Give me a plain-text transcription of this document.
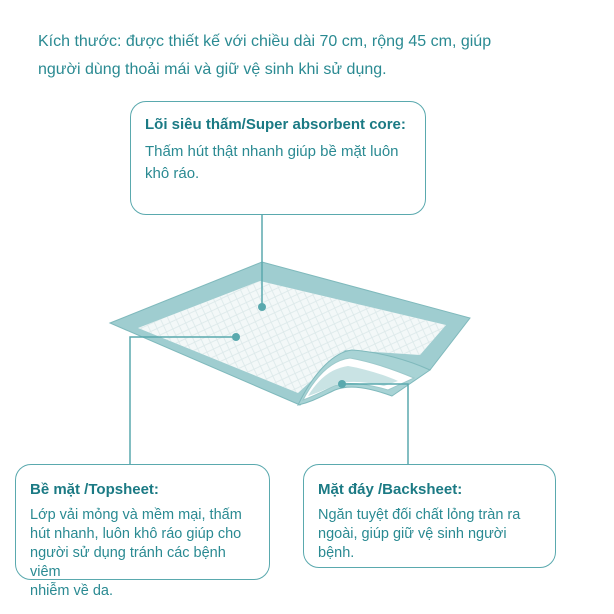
Kích thước: được thiết kế với chiều dài 70 cm, rộng 45 cm, giúp
người dùng thoải mái và giữ vệ sinh khi sử dụng.
Lõi siêu thấm/Super absorbent core:
Thấm hút thật nhanh giúp bề mặt luôn
khô ráo.
Bề mặt /Topsheet:
Lớp vải mỏng và mềm mại, thấm
hút nhanh, luôn khô ráo giúp cho
người sử dụng tránh các bệnh viêm
nhiễm về da.
Mặt đáy /Backsheet:
Ngăn tuyệt đối chất lỏng tràn ra
ngoài, giúp giữ vệ sinh người
bệnh.
